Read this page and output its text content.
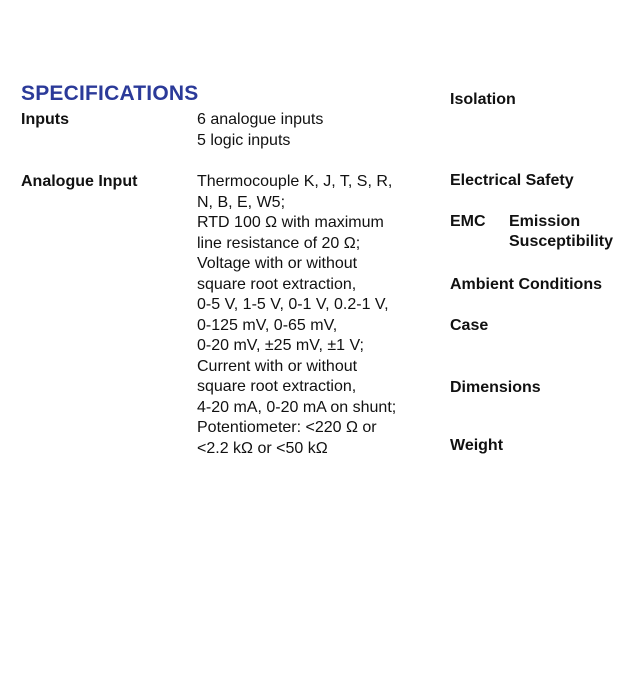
SPECIFICATIONS
Inputs	6 analogue inputs
5 logic inputs
Analogue Input	Thermocouple K, J, T, S, R,
N, B, E, W5;
RTD 100 Ω with maximum
line resistance of 20 Ω;
Voltage with or without
square root extraction,
0-5 V, 1-5 V, 0-1 V, 0.2-1 V,
0-125 mV, 0-65 mV,
0-20 mV, ±25 mV, ±1 V;
Current with or without
square root extraction,
4-20 mA, 0-20 mA on shunt;
Potentiometer: <220 Ω or
<2.2 kΩ or <50 kΩ
Isolation
Electrical Safety
EMC Emission
Susceptibility
Ambient Conditions
Case
Dimensions
Weight
